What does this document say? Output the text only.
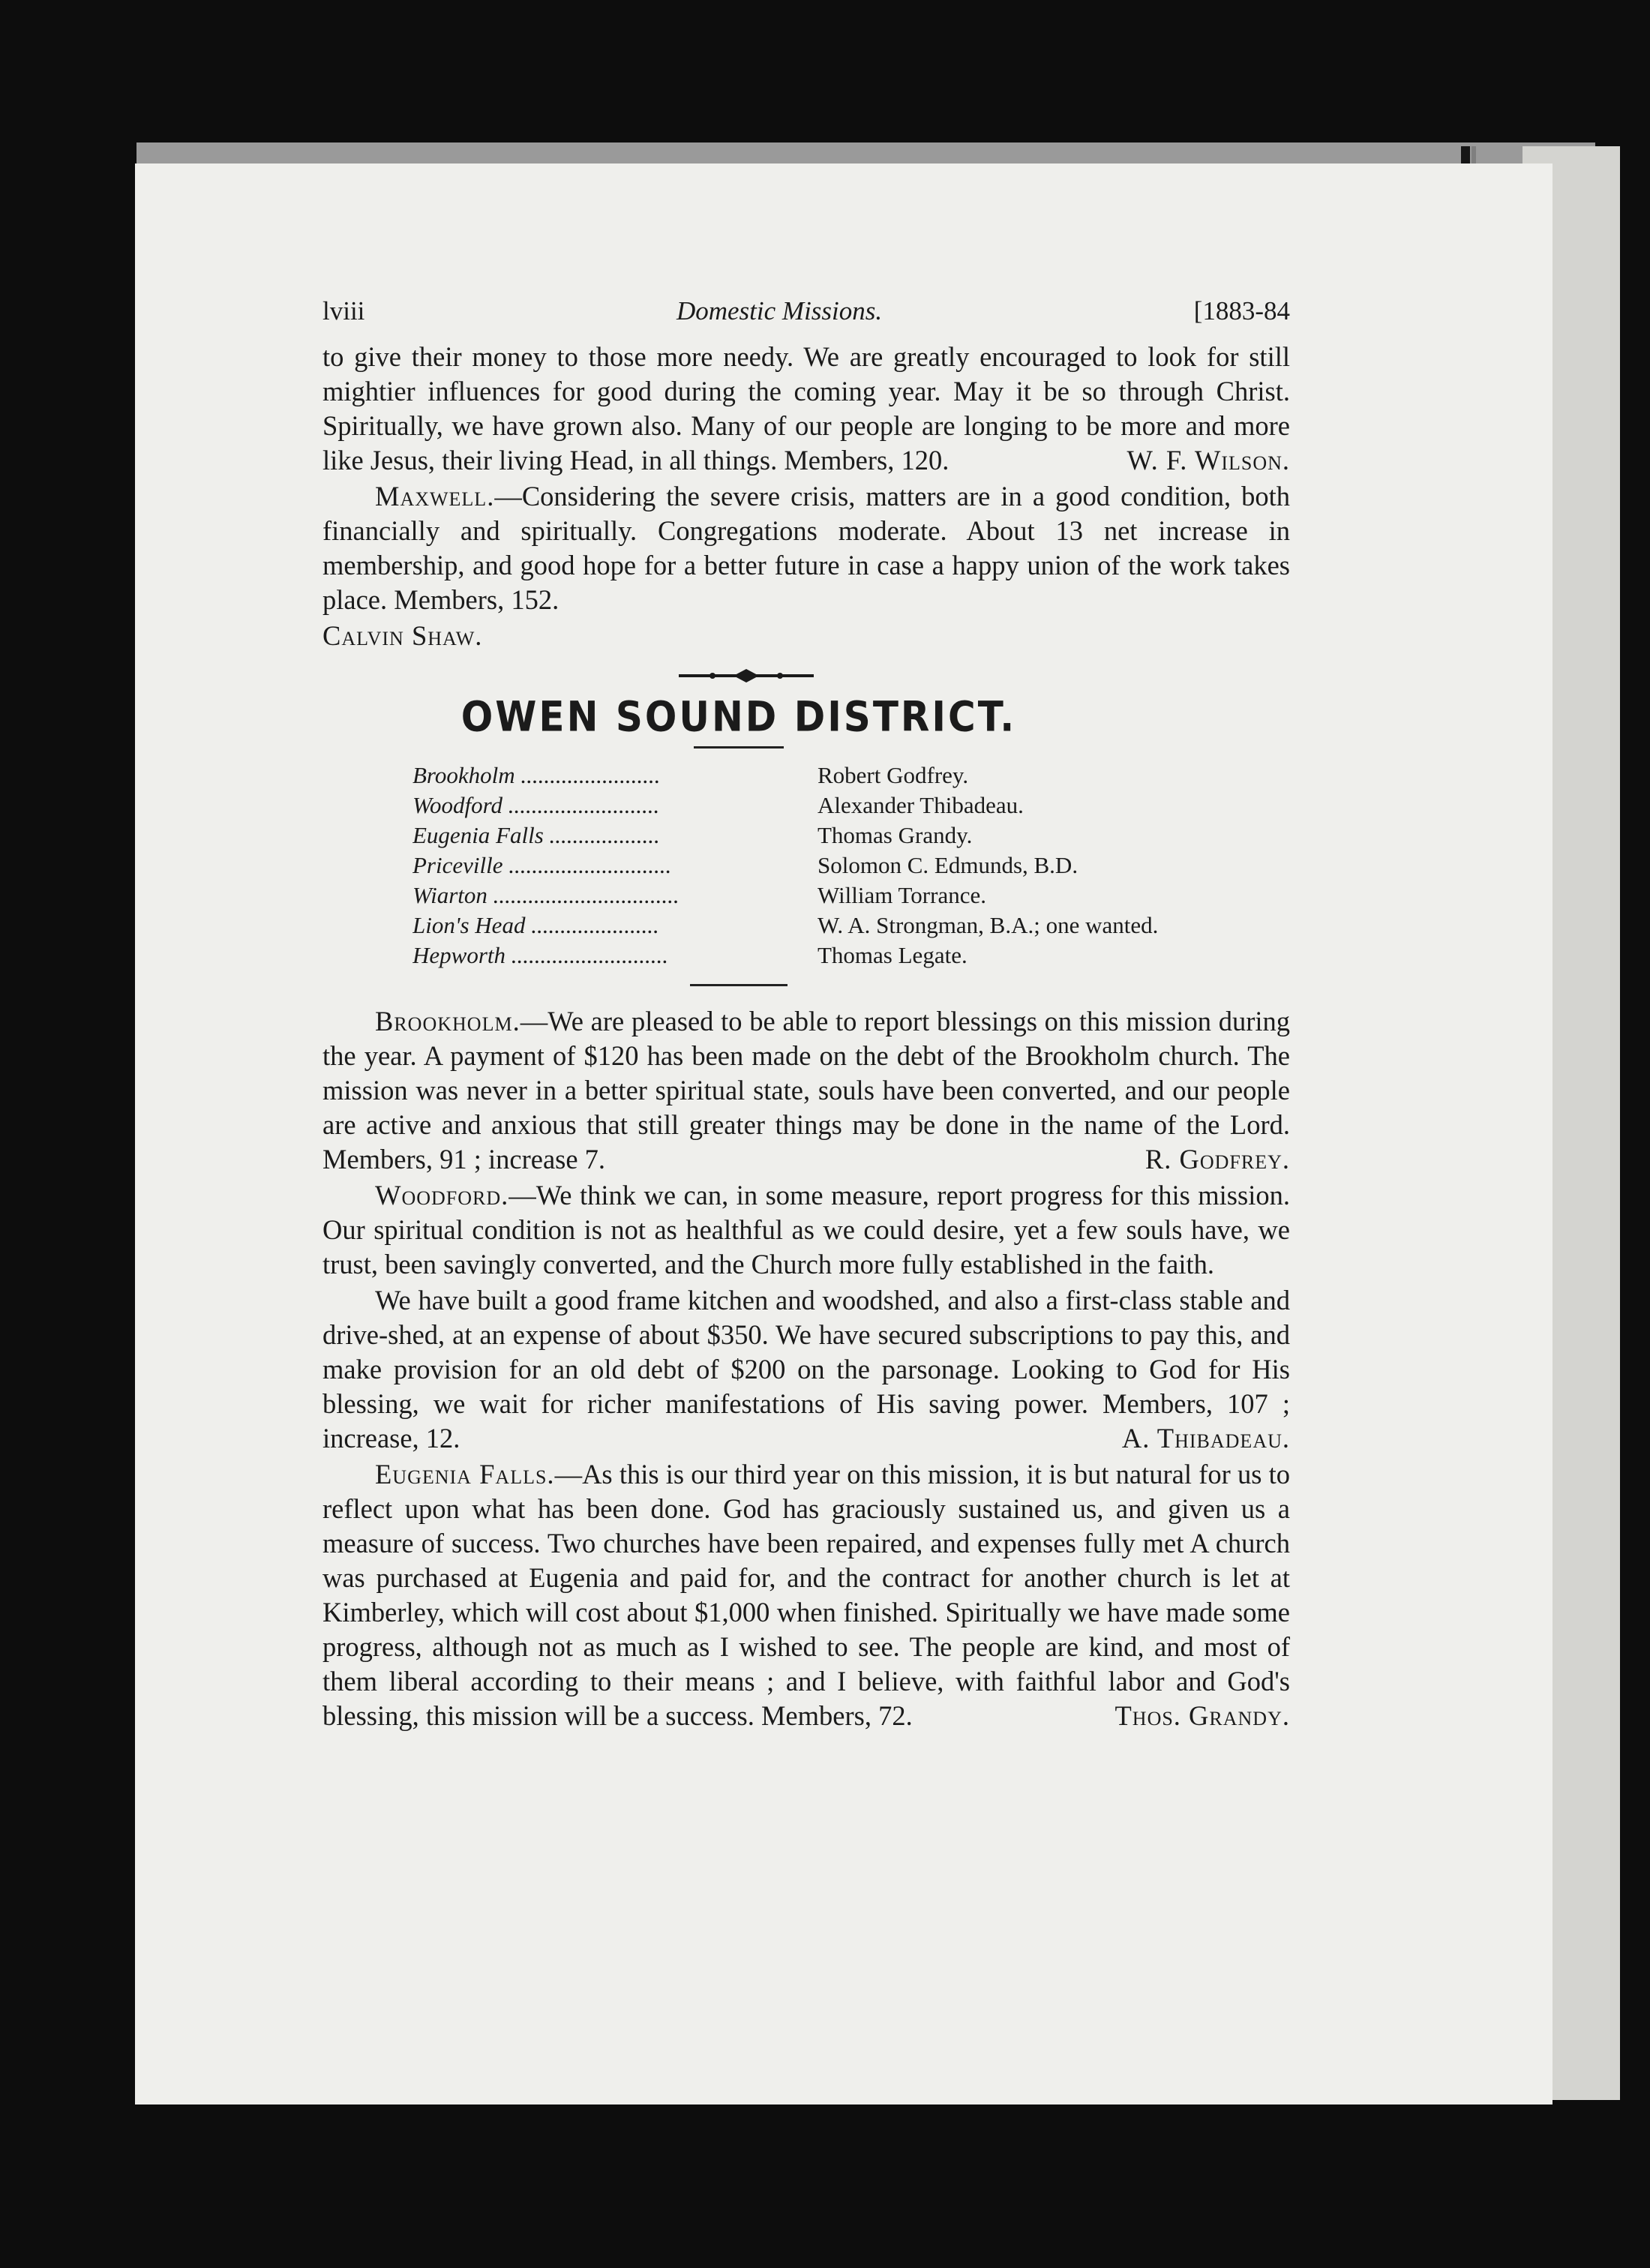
lviii	Domestic Missions.	[1883-84

to give their money to those more needy. We are greatly encouraged to look for still mightier influences for good during the coming year. May it be so through Christ. Spiritually, we have grown also. Many of our people are longing to be more and more like Jesus, their living Head, in all things. Members, 120.	W. F. Wilson.

Maxwell.—Considering the severe crisis, matters are in a good condition, both financially and spiritually. Congregations moderate. About 13 net increase in membership, and good hope for a better future in case a happy union of the work takes place. Members, 152.

Calvin Shaw.

OWEN SOUND DISTRICT.
Brookholm ........................	Robert Godfrey.
Woodford ..........................	Alexander Thibadeau.
Eugenia Falls ...................	Thomas Grandy.
Priceville ............................	Solomon C. Edmunds, B.D.
Wiarton ................................	William Torrance.
Lion's Head ......................	W. A. Strongman, B.A.; one wanted.
Hepworth ...........................	Thomas Legate.

Brookholm.—We are pleased to be able to report blessings on this mission during the year. A payment of $120 has been made on the debt of the Brookholm church. The mission was never in a better spiritual state, souls have been converted, and our people are active and anxious that still greater things may be done in the name of the Lord. Members, 91 ; increase 7.	R. Godfrey.

Woodford.—We think we can, in some measure, report progress for this mission. Our spiritual condition is not as healthful as we could desire, yet a few souls have, we trust, been savingly converted, and the Church more fully established in the faith.

We have built a good frame kitchen and woodshed, and also a first-class stable and drive-shed, at an expense of about $350. We have secured subscriptions to pay this, and make provision for an old debt of $200 on the parsonage. Looking to God for His blessing, we wait for richer manifestations of His saving power. Members, 107 ; increase, 12.	A. Thibadeau.

Eugenia Falls.—As this is our third year on this mission, it is but natural for us to reflect upon what has been done. God has graciously sustained us, and given us a measure of success. Two churches have been repaired, and expenses fully met A church was purchased at Eugenia and paid for, and the contract for another church is let at Kimberley, which will cost about $1,000 when finished. Spiritually we have made some progress, although not as much as I wished to see. The people are kind, and most of them liberal according to their means ; and I believe, with faithful labor and God's blessing, this mission will be a success. Members, 72.	Thos. Grandy.
